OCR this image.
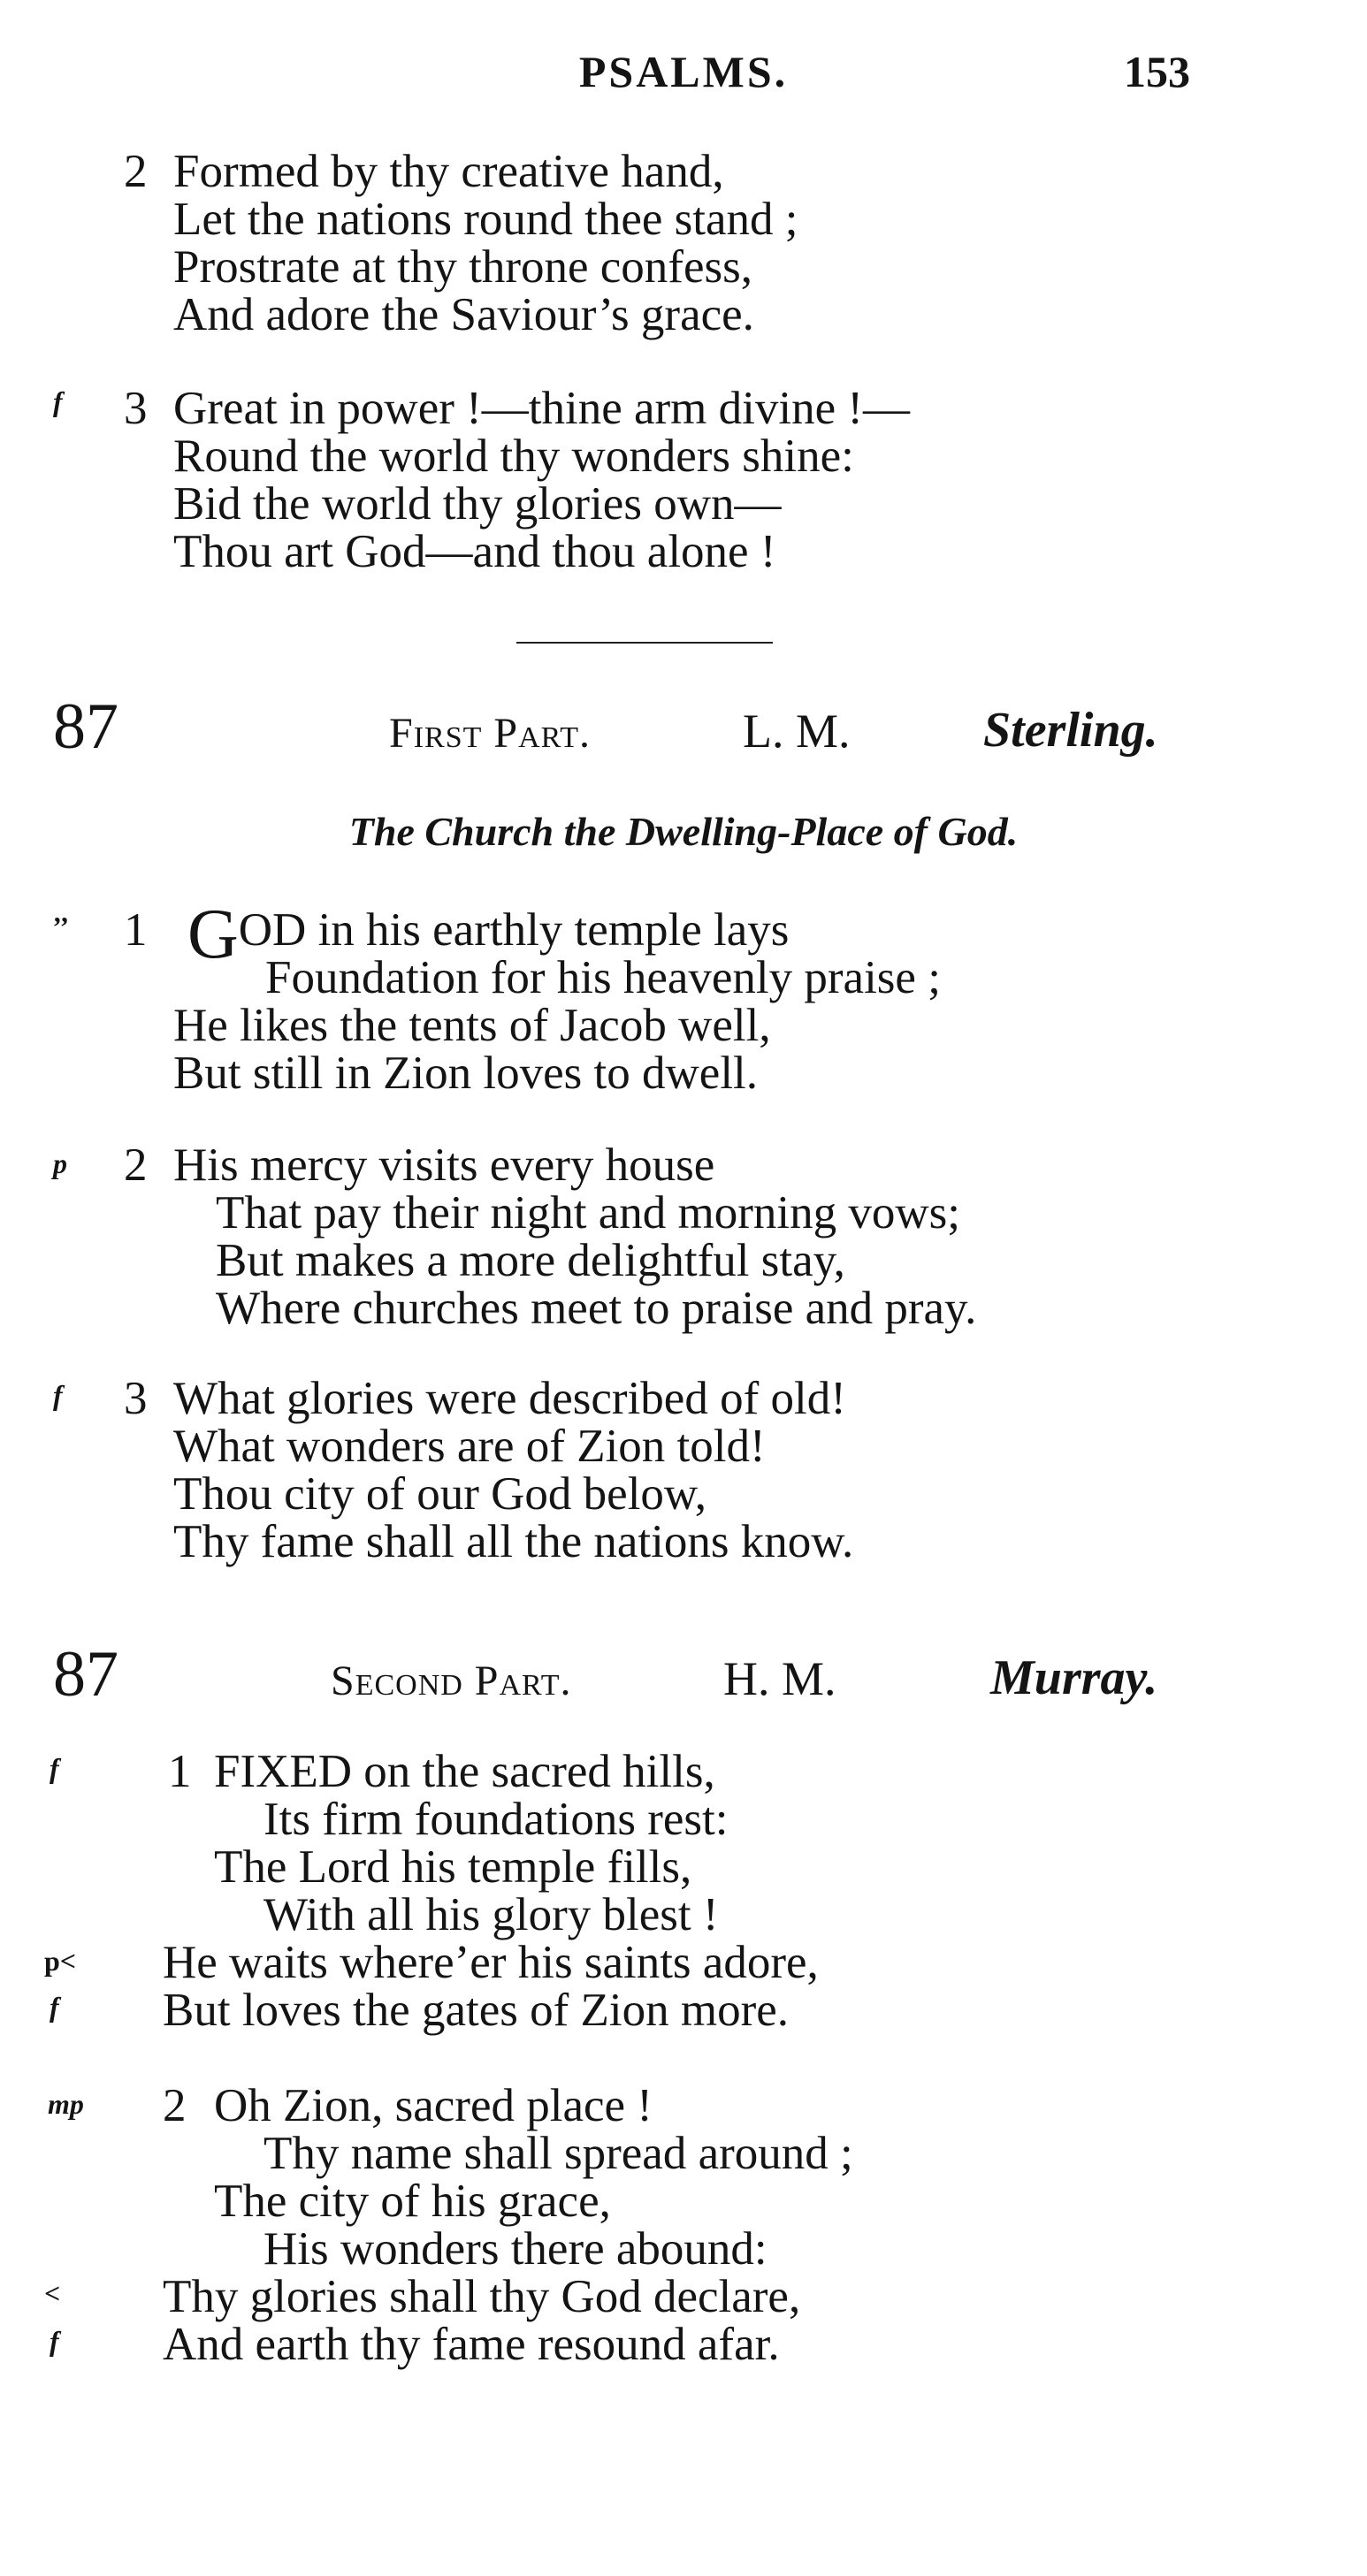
PSALMS.	153
2 Formed by thy creative hand,
Let the nations round thee stand ;
Prostrate at thy throne confess,
And adore the Saviour’s grace.
f 3 Great in power !—thine arm divine !—
Round the world thy wonders shine:
Bid the world thy glories own—
Thou art God—and thou alone !
87	First Part.	L. M.	Sterling.
The Church the Dwelling-Place of God.
’’ 1 GOD in his earthly temple lays
Foundation for his heavenly praise ;
He likes the tents of Jacob well,
But still in Zion loves to dwell.
p 2 His mercy visits every house
That pay their night and morning vows;
But makes a more delightful stay,
Where churches meet to praise and pray.
f 3 What glories were described of old!
What wonders are of Zion told!
Thou city of our God below,
Thy fame shall all the nations know.
87	Second Part.	H. M.	Murray.
f 1 FIXED on the sacred hills,
Its firm foundations rest:
The Lord his temple fills,
With all his glory blest !
p< He waits where’er his saints adore,
f But loves the gates of Zion more.
mp 2 Oh Zion, sacred place !
Thy name shall spread around ;
The city of his grace,
His wonders there abound:
< Thy glories shall thy God declare,
f And earth thy fame resound afar.
